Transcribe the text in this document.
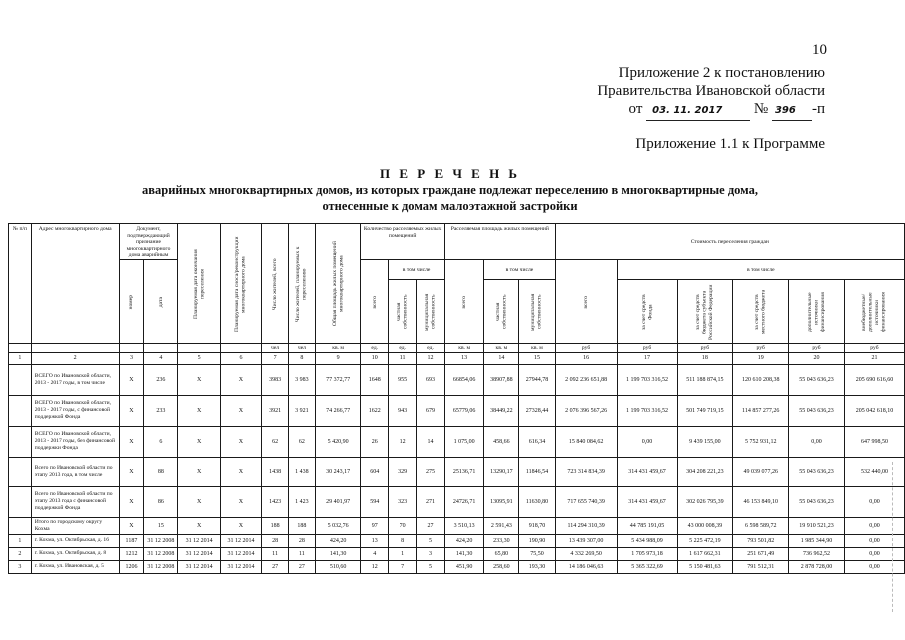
10
Приложение 2 к постановлению
Правительства Ивановской области
от 03. 11. 2017 № 396 -п
Приложение 1.1 к Программе
П Е Р Е Ч Е Н Ь
аварийных многоквартирных домов, из которых граждане подлежат переселению в многоквартирные дома,
отнесенные к домам малоэтажной застройки
№ п/п	Адрес многоквартирного дома	Документ, подтверждающий признание многоквартирного дома аварийным		Планируемая дата окончания переселения	Планируемая дата сноса/реконструкции многоквартирного дома	Число жителей, всего	Число жителей, планируемых к переселению	Общая площадь жилых помещений многоквартирного дома	Количество расселяемых жилых помещений			Расселяемая площадь жилых помещений			Стоимость переселения граждан					

		номер	дата						всего	в том числе		всего	в том числе		всего	в том числе				

										частная собственность	муниципальная собственность		частная собственность	муниципальная собственность		за счет средств Фонда	за счет средств бюджета субъекта Российской Федерации	за счет средств местного бюджета	дополнительные источники финансирования	внебюджетные/ дополнительные источники финансирования

						чел	чел	кв. м	ед.	ед.	ед.	кв. м	кв. м	кв. м	руб	руб	руб	руб	руб	руб
1	2	3	4	5	6	7	8	9	10	11	12	13	14	15	16	17	18	19	20	21
	ВСЕГО по Ивановской области, 2013 - 2017 годы, в том числе	X	236	X	X	3983	3 983	77 372,77	1648	955	693	66854,06	38907,88	27944,78	2 092 236 651,88	1 199 703 316,52	511 188 874,15	120 610 208,38	55 043 636,23	205 690 616,60
	ВСЕГО по Ивановской области, 2013 - 2017 годы, с финансовой поддержкой Фонда	X	233	X	X	3921	3 921	74 266,77	1622	943	679	65779,06	38449,22	27328,44	2 076 396 567,26	1 199 703 316,52	501 749 719,15	114 857 277,26	55 043 636,23	205 042 618,10
	ВСЕГО по Ивановской области, 2013 - 2017 годы, без финансовой поддержки Фонда	X	6	X	X	62	62	5 420,90	26	12	14	1 075,00	458,66	616,34	15 840 084,62	0,00	9 439 155,00	5 752 931,12	0,00	647 998,50
	Всего по Ивановской области по этапу 2013 года, в том числе	X	88	X	X	1438	1 438	30 243,17	604	329	275	25136,71	13290,17	11846,54	723 314 834,39	314 431 459,67	304 208 221,23	49 039 077,26	55 043 636,23	532 440,00
	Всего по Ивановской области по этапу 2013 года с финансовой поддержкой Фонда	X	86	X	X	1423	1 423	29 401,97	594	323	271	24726,71	13095,91	11630,80	717 655 740,39	314 431 459,67	302 026 795,39	46 153 849,10	55 043 636,23	0,00
	Итого по городскому округу Кохма	X	15	X	X	188	188	5 032,76	97	70	27	3 510,13	2 591,43	918,70	114 294 310,39	44 785 191,05	43 000 008,39	6 598 589,72	19 910 521,23	0,00
1	г. Кохма, ул. Октябрьская, д. 16	1187	31 12 2008	31 12 2014	31 12 2014	28	28	424,20	13	8	5	424,20	233,30	190,90	13 439 307,00	5 434 988,09	5 225 472,19	793 501,82	1 985 344,90	0,00
2	г. Кохма, ул. Октябрьская, д. 8	1212	31 12 2008	31 12 2014	31 12 2014	11	11	141,30	4	1	3	141,30	65,80	75,50	4 332 269,50	1 705 973,18	1 617 662,31	251 671,49	736 962,52	0,00
3	г. Кохма, ул. Ивановская, д. 5	1206	31 12 2008	31 12 2014	31 12 2014	27	27	510,60	12	7	5	451,90	258,60	193,30	14 186 046,63	5 365 322,69	5 150 481,63	791 512,31	2 878 728,00	0,00
